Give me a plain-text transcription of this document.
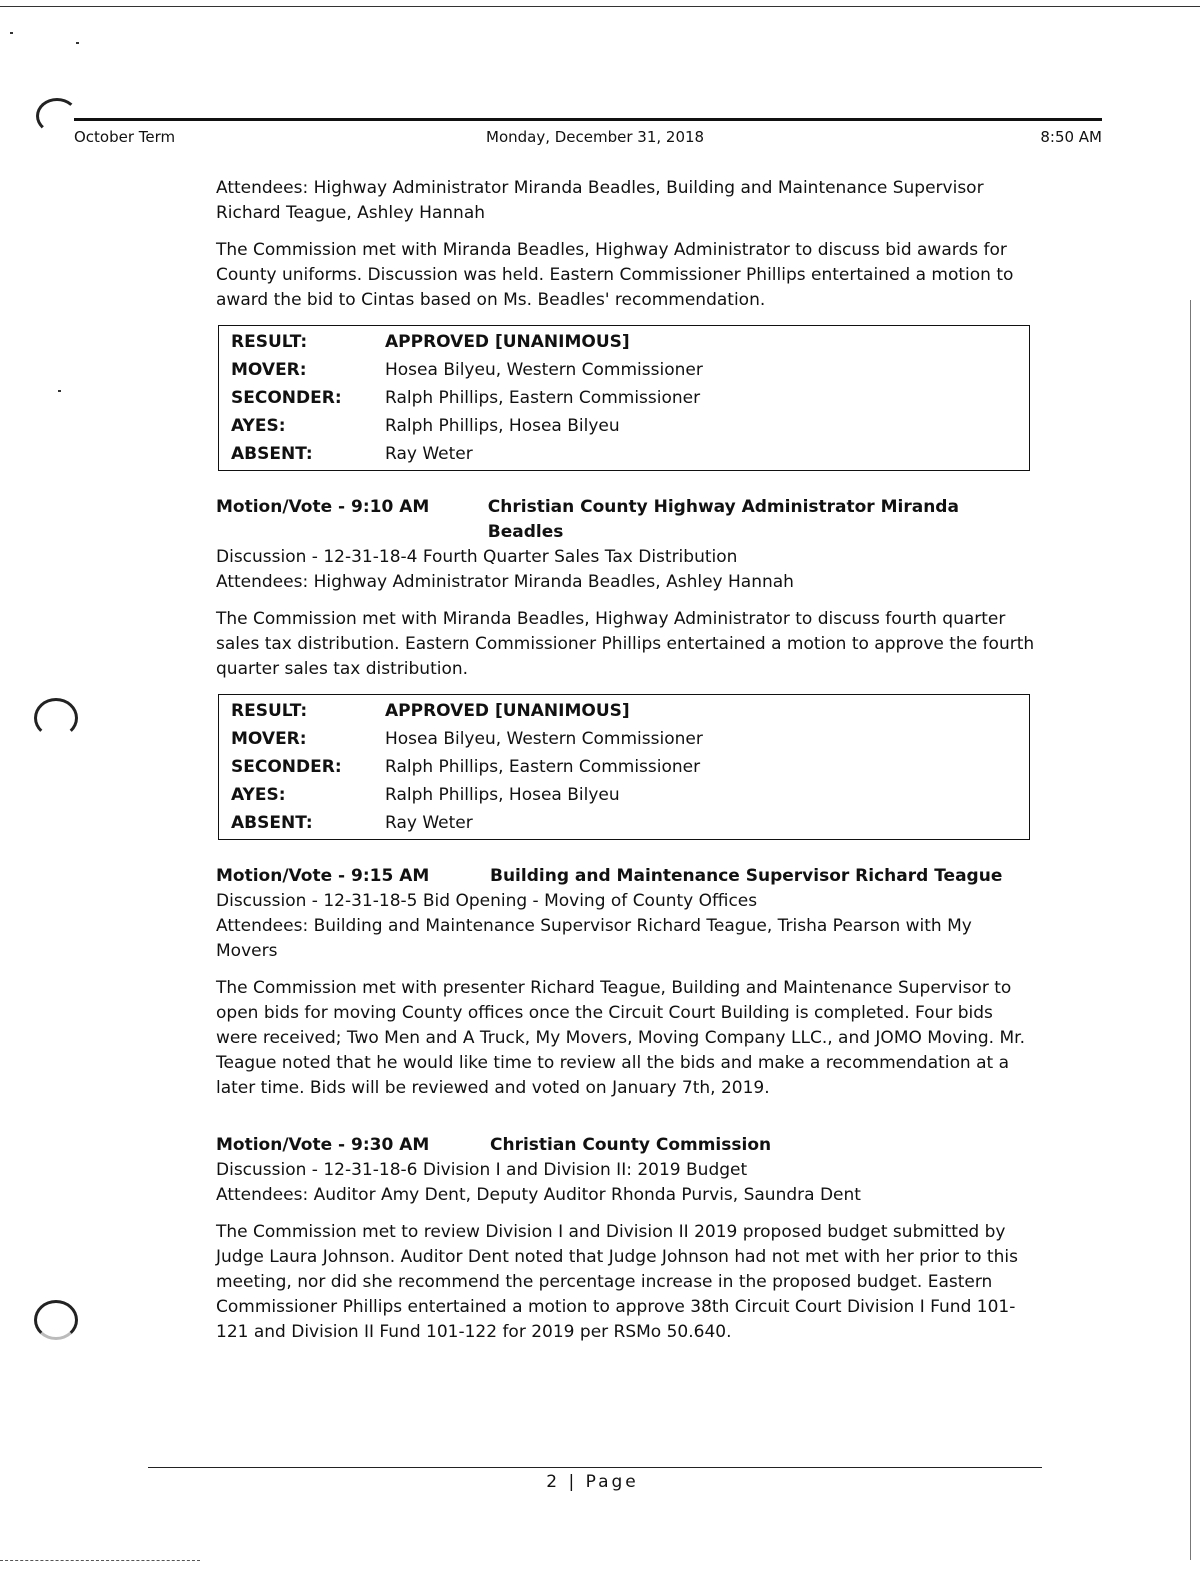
October Term	Monday, December 31, 2018	8:50 AM

Attendees: Highway Administrator Miranda Beadles, Building and Maintenance Supervisor Richard Teague, Ashley Hannah

The Commission met with Miranda Beadles, Highway Administrator to discuss bid awards for County uniforms. Discussion was held. Eastern Commissioner Phillips entertained a motion to award the bid to Cintas based on Ms. Beadles' recommendation.

RESULT:	APPROVED [UNANIMOUS]
MOVER:	Hosea Bilyeu, Western Commissioner
SECONDER:	Ralph Phillips, Eastern Commissioner
AYES:	Ralph Phillips, Hosea Bilyeu
ABSENT:	Ray Weter
Motion/Vote - 9:10 AM	Christian County Highway Administrator Miranda Beadles

Discussion - 12-31-18-4 Fourth Quarter Sales Tax Distribution

Attendees: Highway Administrator Miranda Beadles, Ashley Hannah

The Commission met with Miranda Beadles, Highway Administrator to discuss fourth quarter sales tax distribution. Eastern Commissioner Phillips entertained a motion to approve the fourth quarter sales tax distribution.

RESULT:	APPROVED [UNANIMOUS]
MOVER:	Hosea Bilyeu, Western Commissioner
SECONDER:	Ralph Phillips, Eastern Commissioner
AYES:	Ralph Phillips, Hosea Bilyeu
ABSENT:	Ray Weter
Motion/Vote - 9:15 AM	Building and Maintenance Supervisor Richard Teague

Discussion - 12-31-18-5 Bid Opening - Moving of County Offices

Attendees: Building and Maintenance Supervisor Richard Teague, Trisha Pearson with My Movers

The Commission met with presenter Richard Teague, Building and Maintenance Supervisor to open bids for moving County offices once the Circuit Court Building is completed. Four bids were received; Two Men and A Truck, My Movers, Moving Company LLC., and JOMO Moving. Mr. Teague noted that he would like time to review all the bids and make a recommendation at a later time. Bids will be reviewed and voted on January 7th, 2019.

Motion/Vote - 9:30 AM	Christian County Commission

Discussion - 12-31-18-6 Division I and Division II: 2019 Budget

Attendees: Auditor Amy Dent, Deputy Auditor Rhonda Purvis, Saundra Dent

The Commission met to review Division I and Division II 2019 proposed budget submitted by Judge Laura Johnson. Auditor Dent noted that Judge Johnson had not met with her prior to this meeting, nor did she recommend the percentage increase in the proposed budget. Eastern Commissioner Phillips entertained a motion to approve 38th Circuit Court Division I Fund 101-121 and Division II Fund 101-122 for 2019 per RSMo 50.640.

2 | Page
